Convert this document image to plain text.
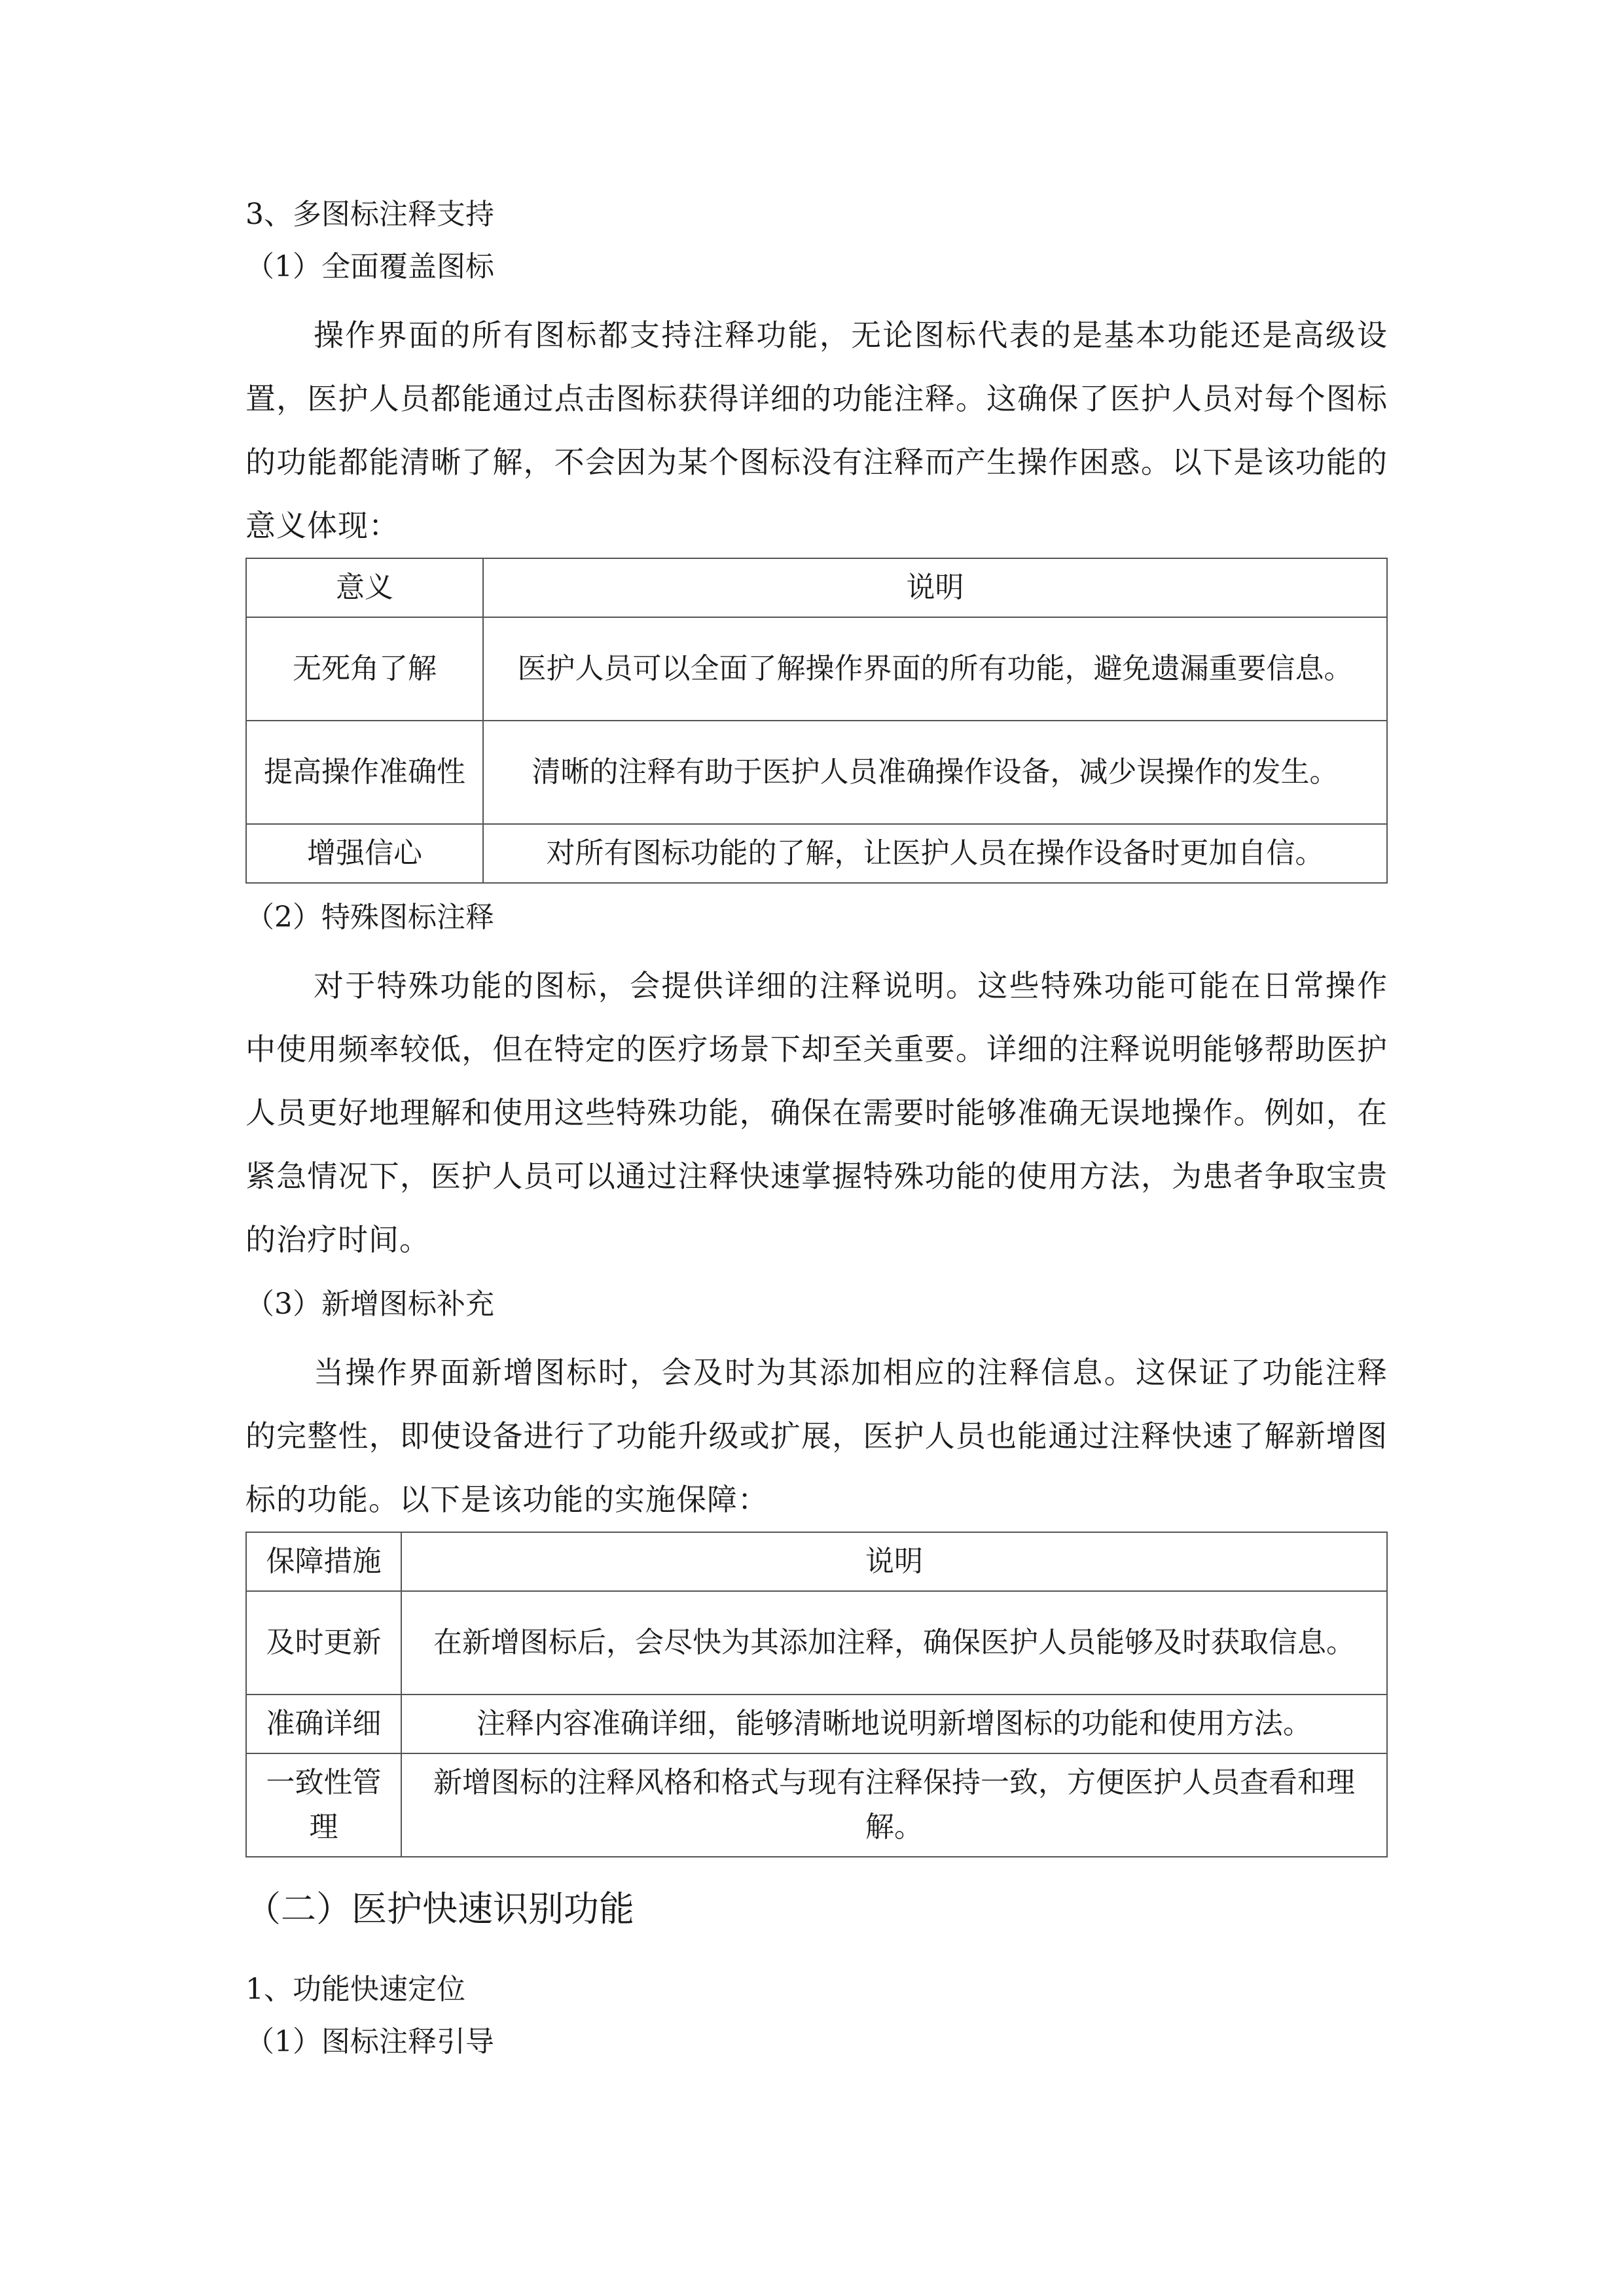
3、多图标注释支持
（1）全面覆盖图标

操作界面的所有图标都支持注释功能，无论图标代表的是基本功能还是高级设置，医护人员都能通过点击图标获得详细的功能注释。这确保了医护人员对每个图标的功能都能清晰了解，不会因为某个图标没有注释而产生操作困惑。以下是该功能的意义体现：

意义	说明
无死角了解	医护人员可以全面了解操作界面的所有功能，避免遗漏重要信息。
提高操作准确性	清晰的注释有助于医护人员准确操作设备，减少误操作的发生。
增强信心	对所有图标功能的了解，让医护人员在操作设备时更加自信。
（2）特殊图标注释

对于特殊功能的图标，会提供详细的注释说明。这些特殊功能可能在日常操作中使用频率较低，但在特定的医疗场景下却至关重要。详细的注释说明能够帮助医护人员更好地理解和使用这些特殊功能，确保在需要时能够准确无误地操作。例如，在紧急情况下，医护人员可以通过注释快速掌握特殊功能的使用方法，为患者争取宝贵的治疗时间。

（3）新增图标补充

当操作界面新增图标时，会及时为其添加相应的注释信息。这保证了功能注释的完整性，即使设备进行了功能升级或扩展，医护人员也能通过注释快速了解新增图标的功能。以下是该功能的实施保障：

保障措施	说明
及时更新	在新增图标后，会尽快为其添加注释，确保医护人员能够及时获取信息。
准确详细	注释内容准确详细，能够清晰地说明新增图标的功能和使用方法。
一致性管理	新增图标的注释风格和格式与现有注释保持一致，方便医护人员查看和理解。
（二）医护快速识别功能
1、功能快速定位
（1）图标注释引导
